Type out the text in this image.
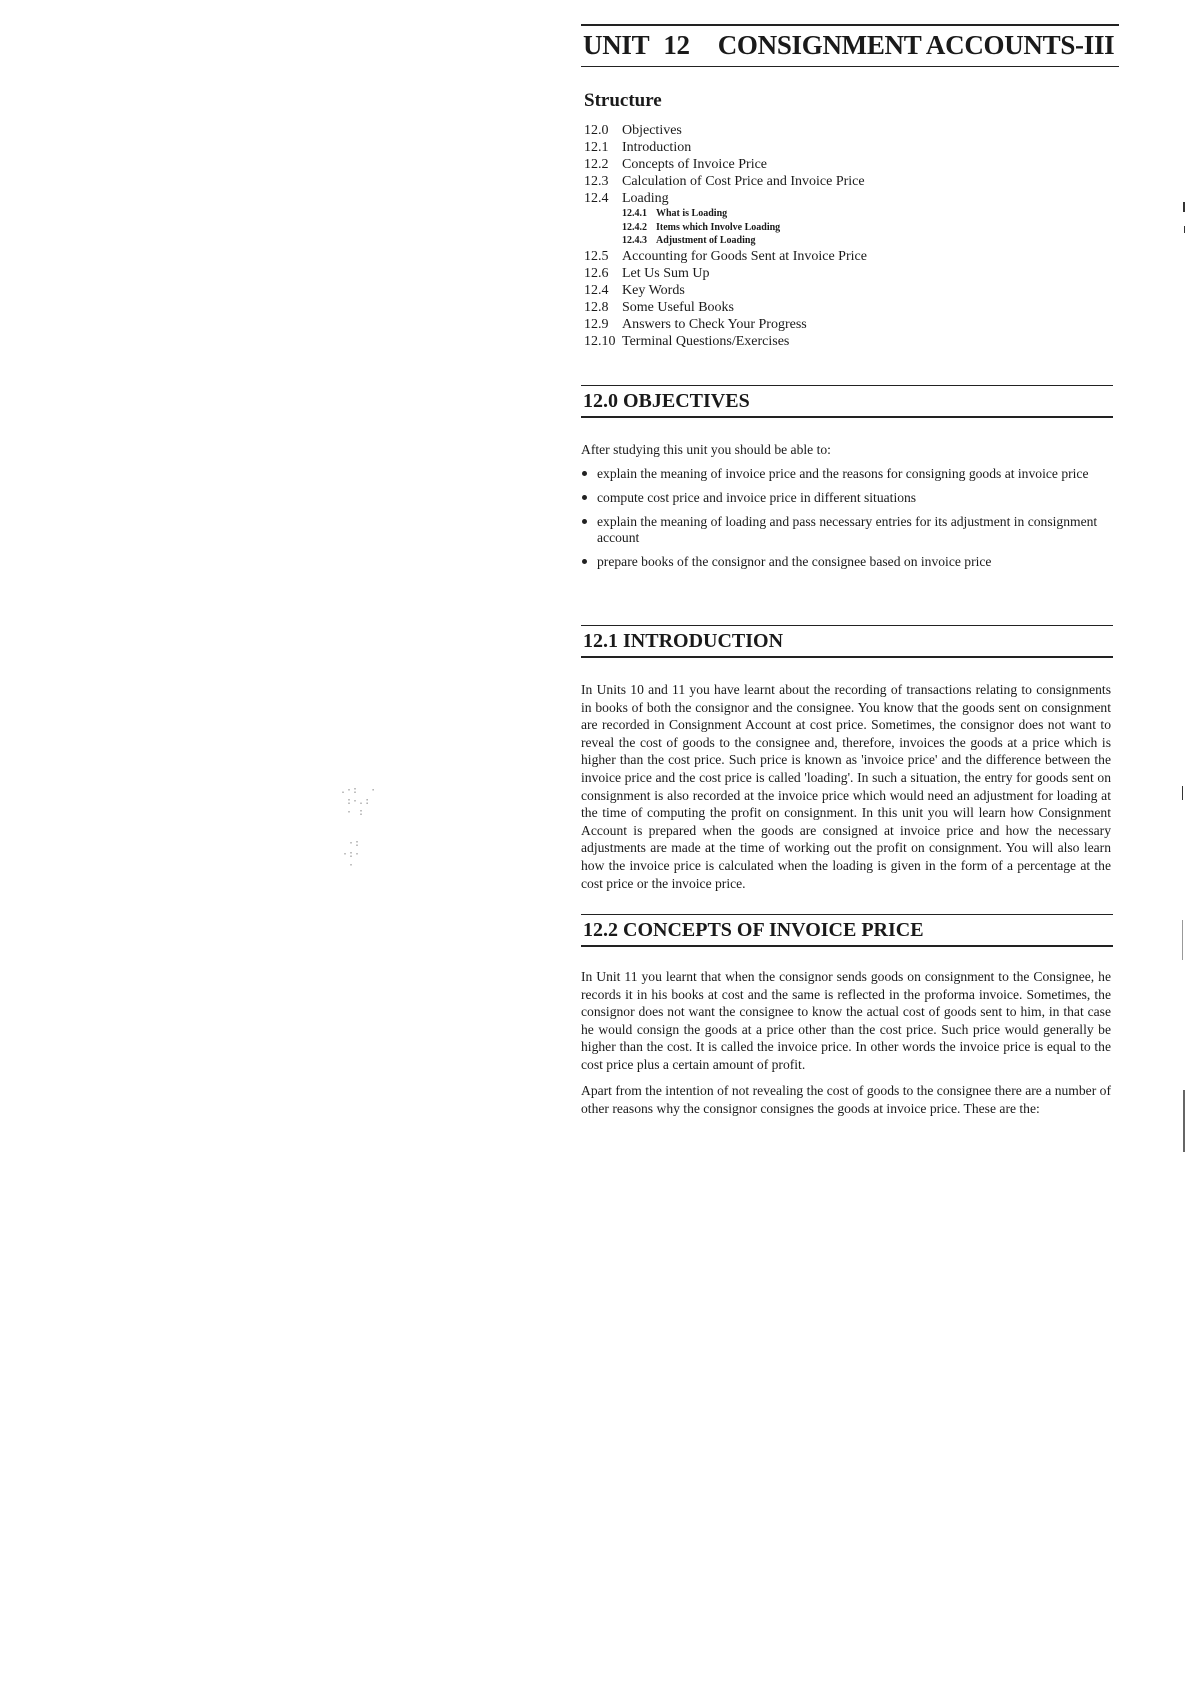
UNIT 12 CONSIGNMENT ACCOUNTS-III
Structure
12.0 Objectives
12.1 Introduction
12.2 Concepts of Invoice Price
12.3 Calculation of Cost Price and Invoice Price
12.4 Loading
12.4.1 What is Loading
12.4.2 Items which Involve Loading
12.4.3 Adjustment of Loading
12.5 Accounting for Goods Sent at Invoice Price
12.6 Let Us Sum Up
12.4 Key Words
12.8 Some Useful Books
12.9 Answers to Check Your Progress
12.10 Terminal Questions/Exercises
12.0 OBJECTIVES
After studying this unit you should be able to:
explain the meaning of invoice price and the reasons for consigning goods at invoice price
compute cost price and invoice price in different situations
explain the meaning of loading and pass necessary entries for its adjustment in consignment account
prepare books of the consignor and the consignee based on invoice price
12.1 INTRODUCTION
In Units 10 and 11 you have learnt about the recording of transactions relating to consignments in books of both the consignor and the consignee. You know that the goods sent on consignment are recorded in Consignment Account at cost price. Sometimes, the consignor does not want to reveal the cost of goods to the consignee and, therefore, invoices the goods at a price which is higher than the cost price. Such price is known as 'invoice price' and the difference between the invoice price and the cost price is called 'loading'. In such a situation, the entry for goods sent on consignment is also recorded at the invoice price which would need an adjustment for loading at the time of computing the profit on consignment. In this unit you will learn how Consignment Account is prepared when the goods are consigned at invoice price and how the necessary adjustments are made at the time of working out the profit on consignment. You will also learn how the invoice price is calculated when the loading is given in the form of a percentage at the cost price or the invoice price.
12.2 CONCEPTS OF INVOICE PRICE
In Unit 11 you learnt that when the consignor sends goods on consignment to the Consignee, he records it in his books at cost and the same is reflected in the proforma invoice. Sometimes, the consignor does not want the consignee to know the actual cost of goods sent to him, in that case he would consign the goods at a price other than the cost price. Such price would generally be higher than the cost. It is called the invoice price. In other words the invoice price is equal to the cost price plus a certain amount of profit.
Apart from the intention of not revealing the cost of goods to the consignee there are a number of other reasons why the consignor consignes the goods at invoice price. These are the:
.·:  ·
:·.:
· :
·:
·:·
·
